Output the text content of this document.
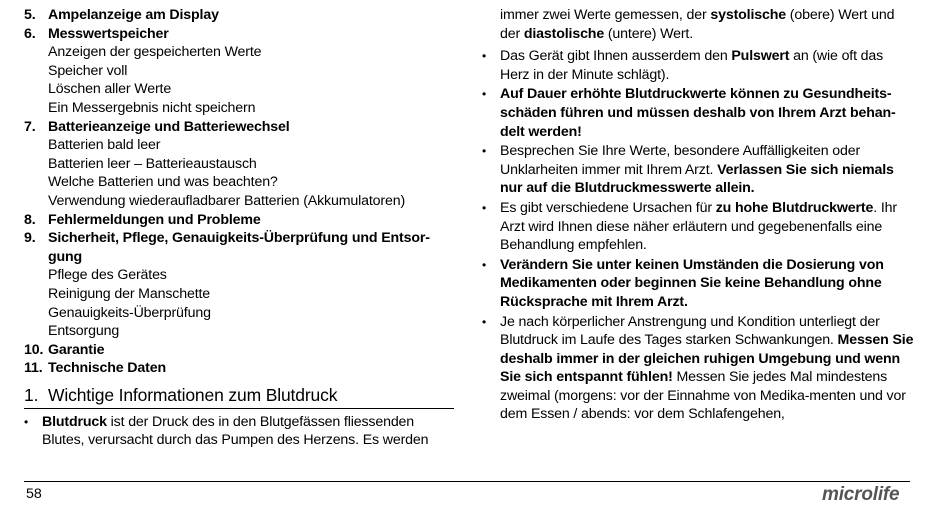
5. Ampelanzeige am Display
6. Messwertspeicher
Anzeigen der gespeicherten Werte
Speicher voll
Löschen aller Werte
Ein Messergebnis nicht speichern
7. Batterieanzeige und Batteriewechsel
Batterien bald leer
Batterien leer – Batterieaustausch
Welche Batterien und was beachten?
Verwendung wiederaufladbarer Batterien (Akkumulatoren)
8. Fehlermeldungen und Probleme
9. Sicherheit, Pflege, Genauigkeits-Überprüfung und Entsor-gung
Pflege des Gerätes
Reinigung der Manschette
Genauigkeits-Überprüfung
Entsorgung
10. Garantie
11. Technische Daten
1. Wichtige Informationen zum Blutdruck
• Blutdruck ist der Druck des in den Blutgefässen fliessenden Blutes, verursacht durch das Pumpen des Herzens. Es werden
immer zwei Werte gemessen, der systolische (obere) Wert und der diastolische (untere) Wert.
• Das Gerät gibt Ihnen ausserdem den Pulswert an (wie oft das Herz in der Minute schlägt).
• Auf Dauer erhöhte Blutdruckwerte können zu Gesundheits-schäden führen und müssen deshalb von Ihrem Arzt behan-delt werden!
• Besprechen Sie Ihre Werte, besondere Auffälligkeiten oder Unklarheiten immer mit Ihrem Arzt. Verlassen Sie sich niemals nur auf die Blutdruckmesswerte allein.
• Es gibt verschiedene Ursachen für zu hohe Blutdruckwerte. Ihr Arzt wird Ihnen diese näher erläutern und gegebenenfalls eine Behandlung empfehlen.
• Verändern Sie unter keinen Umständen die Dosierung von Medikamenten oder beginnen Sie keine Behandlung ohne Rücksprache mit Ihrem Arzt.
• Je nach körperlicher Anstrengung und Kondition unterliegt der Blutdruck im Laufe des Tages starken Schwankungen. Messen Sie deshalb immer in der gleichen ruhigen Umgebung und wenn Sie sich entspannt fühlen! Messen Sie jedes Mal mindestens zweimal (morgens: vor der Einnahme von Medika-menten und vor dem Essen / abends: vor dem Schlafengehen,
58	microlife
